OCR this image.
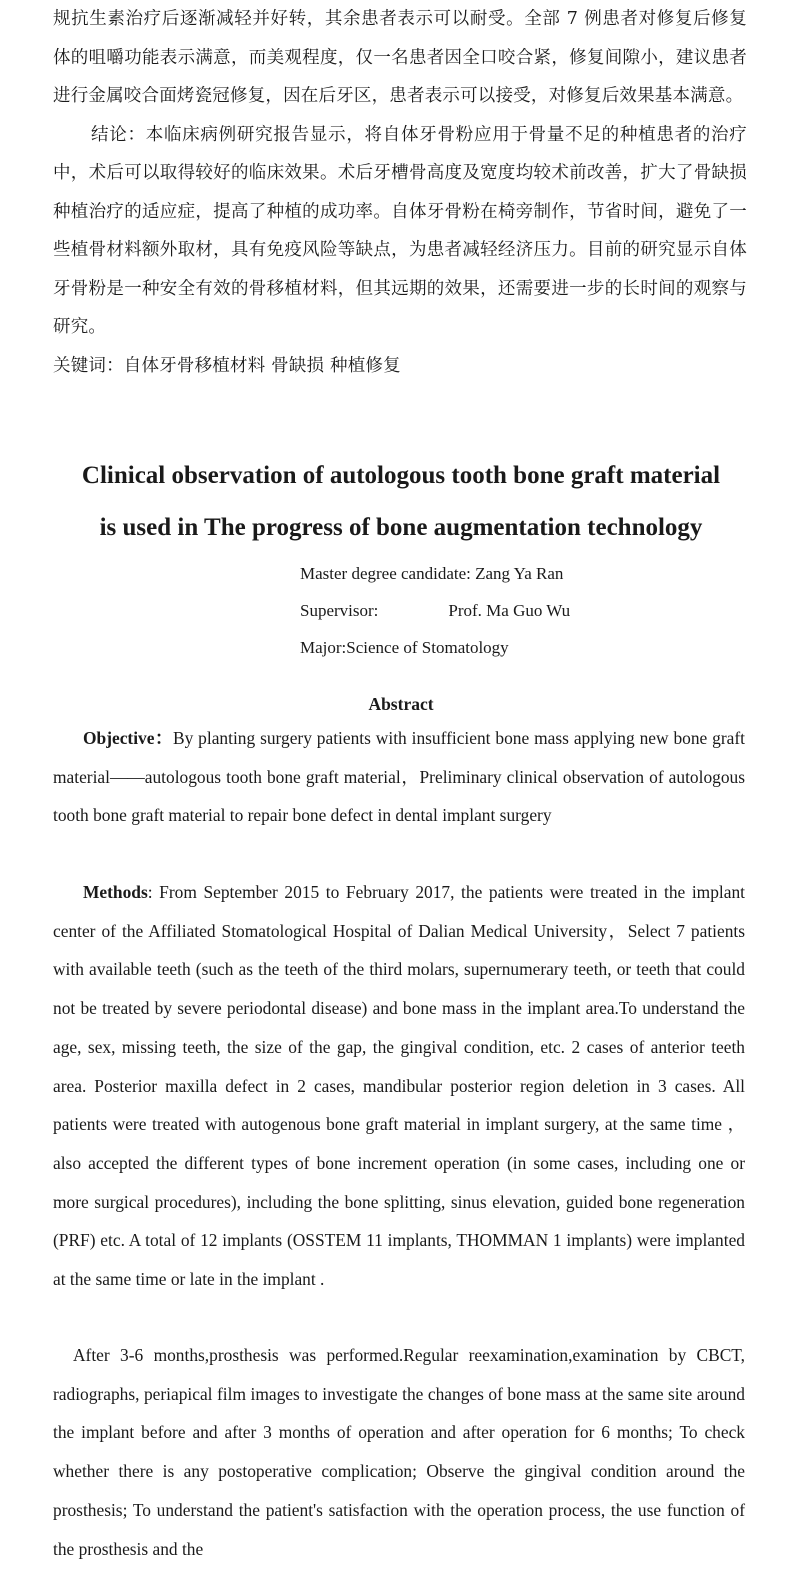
规抗生素治疗后逐渐减轻并好转，其余患者表示可以耐受。全部 7 例患者对修复后修复体的咀嚼功能表示满意，而美观程度，仅一名患者因全口咬合紧，修复间隙小，建议患者进行金属咬合面烤瓷冠修复，因在后牙区，患者表示可以接受，对修复后效果基本满意。

结论：本临床病例研究报告显示，将自体牙骨粉应用于骨量不足的种植患者的治疗中，术后可以取得较好的临床效果。术后牙槽骨高度及宽度均较术前改善，扩大了骨缺损种植治疗的适应症，提高了种植的成功率。自体牙骨粉在椅旁制作，节省时间，避免了一些植骨材料额外取材，具有免疫风险等缺点，为患者减轻经济压力。目前的研究显示自体牙骨粉是一种安全有效的骨移植材料，但其远期的效果，还需要进一步的长时间的观察与研究。

关键词：自体牙骨移植材料 骨缺损 种植修复

Clinical observation of autologous tooth bone graft material

is used in The progress of bone augmentation technology

Master degree candidate: Zang Ya Ran
Supervisor:	Prof. Ma Guo Wu
Major:Science of Stomatology
Abstract

Objective：By planting surgery patients with insufficient bone mass applying new bone graft material——autologous tooth bone graft material，Preliminary clinical observation of autologous tooth bone graft material to repair bone defect in dental implant surgery

Methods: From September 2015 to February 2017, the patients were treated in the implant center of the Affiliated Stomatological Hospital of Dalian Medical University，Select 7 patients with available teeth (such as the teeth of the third molars, supernumerary teeth, or teeth that could not be treated by severe periodontal disease) and bone mass in the implant area.To understand the age, sex, missing teeth, the size of the gap, the gingival condition, etc. 2 cases of anterior teeth area. Posterior maxilla defect in 2 cases, mandibular posterior region deletion in 3 cases. All patients were treated with autogenous bone graft material in implant surgery, at the same time ，also accepted the different types of bone increment operation (in some cases, including one or more surgical procedures), including the bone splitting, sinus elevation, guided bone regeneration (PRF) etc. A total of 12 implants (OSSTEM 11 implants, THOMMAN 1 implants) were implanted at the same time or late in the implant .

After 3-6 months,prosthesis was performed.Regular reexamination,examination by CBCT, radiographs, periapical film images to investigate the changes of bone mass at the same site around the implant before and after 3 months of operation and after operation for 6 months; To check whether there is any postoperative complication; Observe the gingival condition around the prosthesis; To understand the patient's satisfaction with the operation process, the use function of the prosthesis and the
